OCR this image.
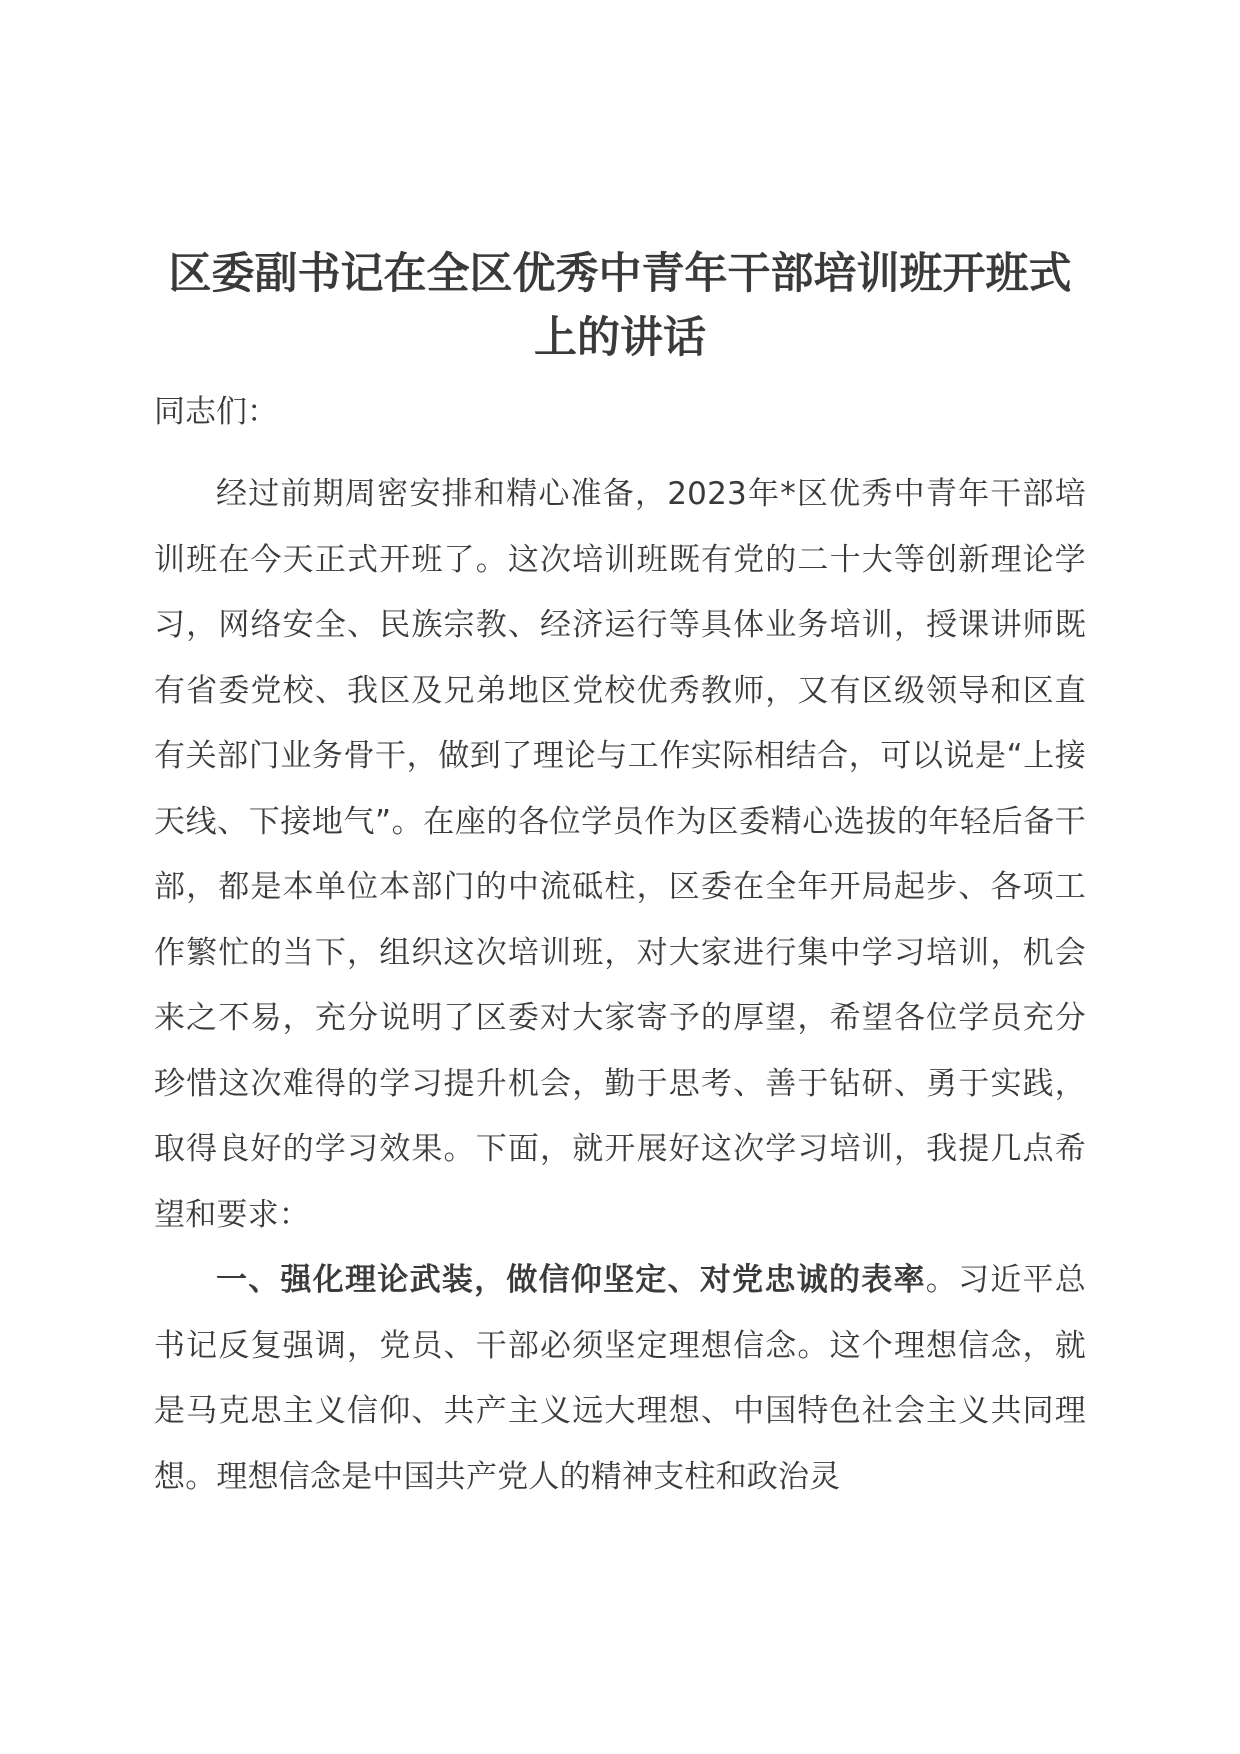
区委副书记在全区优秀中青年干部培训班开班式上的讲话

同志们：

经过前期周密安排和精心准备，2023年*区优秀中青年干部培训班在今天正式开班了。这次培训班既有党的二十大等创新理论学习，网络安全、民族宗教、经济运行等具体业务培训，授课讲师既有省委党校、我区及兄弟地区党校优秀教师，又有区级领导和区直有关部门业务骨干，做到了理论与工作实际相结合，可以说是“上接天线、下接地气”。在座的各位学员作为区委精心选拔的年轻后备干部，都是本单位本部门的中流砥柱，区委在全年开局起步、各项工作繁忙的当下，组织这次培训班，对大家进行集中学习培训，机会来之不易，充分说明了区委对大家寄予的厚望，希望各位学员充分珍惜这次难得的学习提升机会，勤于思考、善于钻研、勇于实践，取得良好的学习效果。下面，就开展好这次学习培训，我提几点希望和要求：

一、强化理论武装，做信仰坚定、对党忠诚的表率。习近平总书记反复强调，党员、干部必须坚定理想信念。这个理想信念，就是马克思主义信仰、共产主义远大理想、中国特色社会主义共同理想。理想信念是中国共产党人的精神支柱和政治灵
